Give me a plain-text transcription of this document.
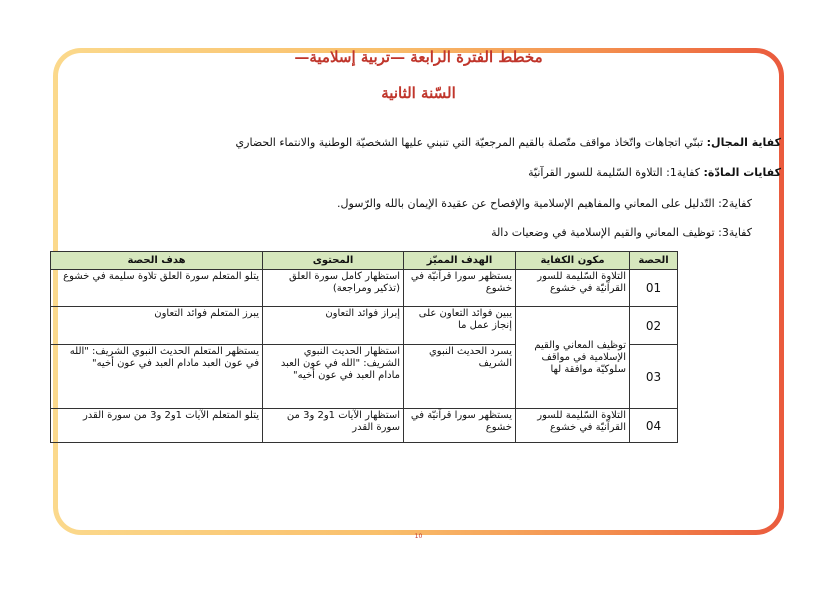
مخطط الفترة الرابعة —تربية إسلامية—
السّنة الثانية
كفاية المجال: تبنّي اتجاهات واتّخاذ مواقف متّصلة بالقيم المرجعيّة التي تنبني عليها الشخصيّة الوطنية والانتماء الحضاري
كفايات المادّة: كفاية1: التلاوة السّليمة للسور القرآنيّة
كفاية2: التّدليل على المعاني والمفاهيم الإسلامية والإفصاح عن عقيدة الإيمان بالله والرّسول.
كفاية3: توظيف المعاني والقيم الإسلامية في وضعيات دالة
الحصة	مكون الكفاية	الهدف المميّز	المحتوى	هدف الحصة
01	التلاوة السّليمة للسور القرآنيّة في خشوع	يستظهر سورا قرآنيّة في خشوع	استظهار كامل سورة العلق (تذكير ومراجعة)	يتلو المتعلم سورة العلق تلاوة سليمة في خشوع
02	توظيف المعاني والقيم الإسلامية في مواقف سلوكيّة موافقة لها	يبين فوائد التعاون على إنجاز عمل ما	إبراز فوائد التعاون	يبرز المتعلم فوائد التعاون
03		يسرد الحديث النبوي الشريف	استظهار الحديث النبوي الشريف: "الله في عون العبد مادام العبد في عون أخيه"	يستظهر المتعلم الحديث النبوي الشريف: "الله في عون العبد مادام العبد في عون أخيه"
04	التلاوة السّليمة للسور القرآنيّة في خشوع	يستظهر سورا قرآنيّة في خشوع	استظهار الآيات 1و2 و3 من سورة القدر	يتلو المتعلم الآيات 1و2 و3 من سورة القدر
10
